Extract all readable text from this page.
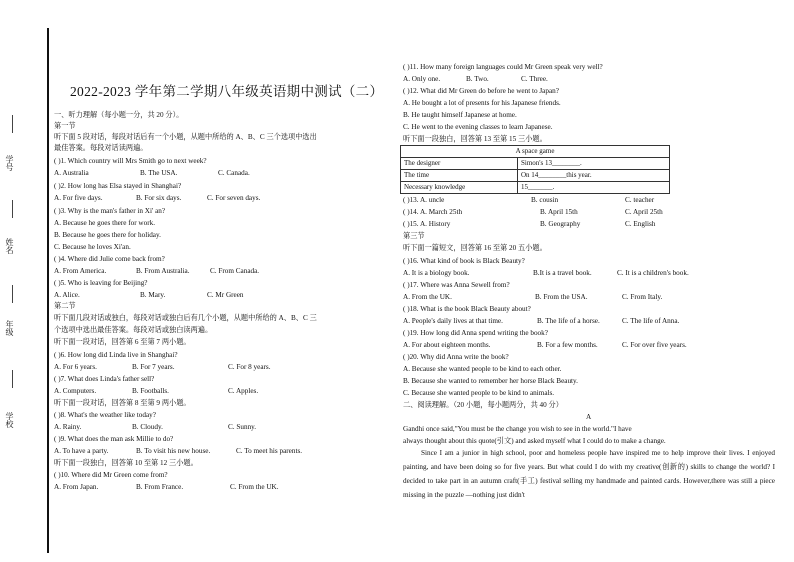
学号
姓名
年级
学校
2022-2023 学年第二学期八年级英语期中测试（二）
一、听力理解（每小题一分，共 20 分）。
第一节
听下面 5 段对话，每段对话后有一个小题，从题中所给的 A、B、C 三个选项中选出
最佳答案。每段对话读两遍。
( )1. Which country will Mrs Smith go to next week?
A. Australia	B. The USA.	C. Canada.
( )2. How long has Elsa stayed in Shanghai?
A. For five days.	B. For six days.	C. For seven days.
( )3. Why is the man's father in Xi' an?
A. Because he goes there for work.
B. Because he goes there for holiday.
C. Because he loves Xi'an.
( )4. Where did Julie come back from?
A. From America.	B. From Australia.	C. From Canada.
( )5. Who is leaving for Beijing?
A. Alice.	B. Mary.	C. Mr Green
第二节
听下面几段对话或独白，每段对话或独白后有几个小题，从题中所给的 A、B、C 三
个选项中选出最佳答案。每段对话或独白读两遍。
听下面一段对话，回答第 6 至第 7 两小题。
( )6. How long did Linda live in Shanghai?
A. For 6 years.	B. For 7 years.	C. For 8 years.
( )7. What does Linda's father sell?
A. Computers.	B. Footballs.	C. Apples.
听下面一段对话，回答第 8 至第 9 两小题。
( )8. What's the weather like today?
A. Rainy.	B. Cloudy.	C. Sunny.
( )9. What does the man ask Millie to do?
A. To have a party.	B. To visit his new house.	C. To meet his parents.
听下面一段独白，回答第 10 至第 12 三小题。
( )10. Where did Mr Green come from?
A. From Japan.	B. From France.	C. From the UK.
( )11. How many foreign languages could Mr Green speak very well?
A. Only one.	B. Two.	C. Three.
( )12. What did Mr Green do before he went to Japan?
A. He bought a lot of presents for his Japanese friends.
B. He taught himself Japanese at home.
C. He went to the evening classes to learn Japanese.
听下面一段独白，回答第 13 至第 15 三小题。
A space game	
The designer	Simon's 13________.
The time	On 14________this year.
Necessary knowledge	15_______.
( )13. A. uncle	B. cousin	C. teacher
( )14. A. March 25th	B. April 15th	C. April 25th
( )15. A. History	B. Geography	C. English
第三节
听下面一篇短文，回答第 16 至第 20 五小题。
( )16. What kind of book is Black Beauty?
A. It is a biology book.	B.It is a travel book.	C. It is a children's book.
( )17. Where was Anna Sewell from?
A. From the UK.	B. From the USA.	C. From Italy.
( )18. What is the book Black Beauty about?
A. People's daily lives at that time.	B. The life of a horse.	C. The life of Anna.
( )19. How long did Anna spend writing the book?
A. For about eighteen months.	B. For a few months.	C. For over five years.
( )20. Why did Anna write the book?
A. Because she wanted people to be kind to each other.
B. Because she wanted to remember her horse Black Beauty.
C. Because she wanted people to be kind to animals.
二、阅读理解。（20 小题，每小题两分，共 40 分）
A
Gandhi once said,"You must be the change you wish to see in the world."I have
always thought about this quote(引文) and asked myself what I could do to make a change.
Since I am a junior in high school, poor and homeless people have inspired me to help improve their lives. I enjoyed painting, and have been doing so for five years. But what could I do with my creative(创新的) skills to change the world? I decided to take part in an autumn craft(手工) festival selling my handmade and painted cards. However,there was still a piece missing in the puzzle —nothing just didn't
